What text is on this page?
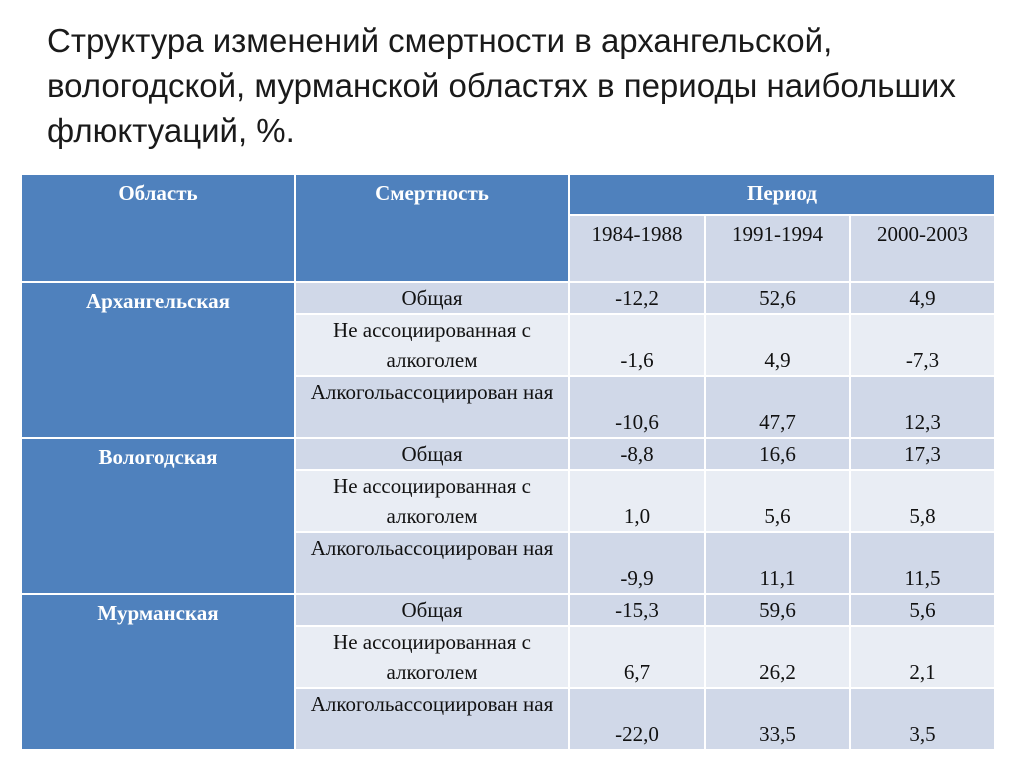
Структура изменений смертности в архангельской, вологодской, мурманской областях в периоды наибольших флюктуаций, %.
Область	Смертность	Период		
		1984-1988	1991-1994	2000-2003
Архангельская	Общая	-12,2	52,6	4,9
	Не ассоциированная с алкоголем	-1,6	4,9	-7,3
	Алкогольассоциирован ная	-10,6	47,7	12,3
Вологодская	Общая	-8,8	16,6	17,3
	Не ассоциированная с алкоголем	1,0	5,6	5,8
	Алкогольассоциирован ная	-9,9	11,1	11,5
Мурманская	Общая	-15,3	59,6	5,6
	Не ассоциированная с алкоголем	6,7	26,2	2,1
	Алкогольассоциирован ная	-22,0	33,5	3,5
